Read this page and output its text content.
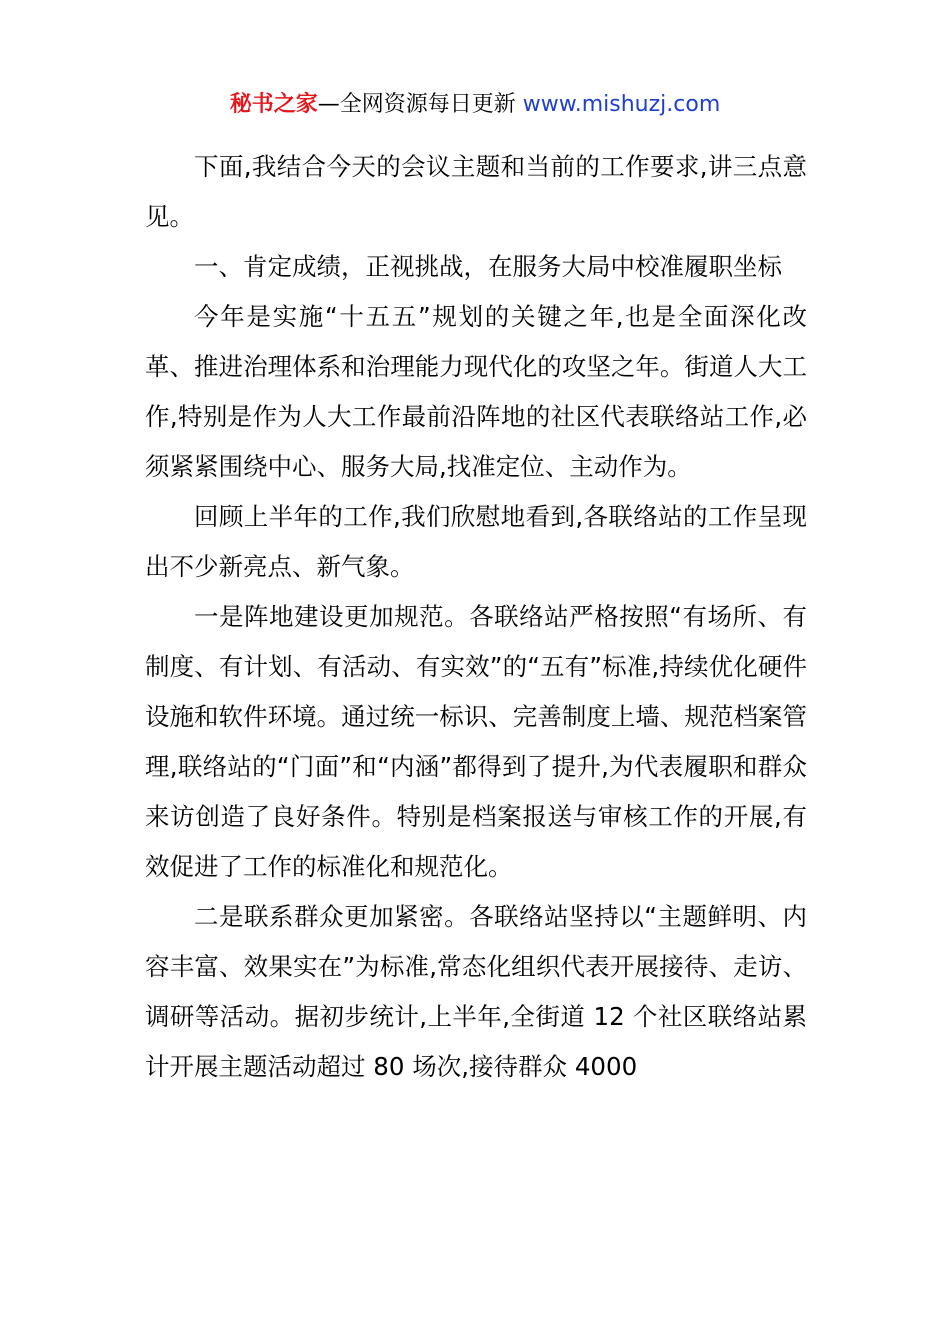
秘书之家—全网资源每日更新 www.mishuzj.com

下面,我结合今天的会议主题和当前的工作要求,讲三点意见。

一、肯定成绩，正视挑战，在服务大局中校准履职坐标

今年是实施“十五五”规划的关键之年,也是全面深化改革、推进治理体系和治理能力现代化的攻坚之年。街道人大工作,特别是作为人大工作最前沿阵地的社区代表联络站工作,必须紧紧围绕中心、服务大局,找准定位、主动作为。

回顾上半年的工作,我们欣慰地看到,各联络站的工作呈现出不少新亮点、新气象。

一是阵地建设更加规范。各联络站严格按照“有场所、有制度、有计划、有活动、有实效”的“五有”标准,持续优化硬件设施和软件环境。通过统一标识、完善制度上墙、规范档案管理,联络站的“门面”和“内涵”都得到了提升,为代表履职和群众来访创造了良好条件。特别是档案报送与审核工作的开展,有效促进了工作的标准化和规范化。

二是联系群众更加紧密。各联络站坚持以“主题鲜明、内容丰富、效果实在”为标准,常态化组织代表开展接待、走访、调研等活动。据初步统计,上半年,全街道 12 个社区联络站累计开展主题活动超过 80 场次,接待群众 4000
